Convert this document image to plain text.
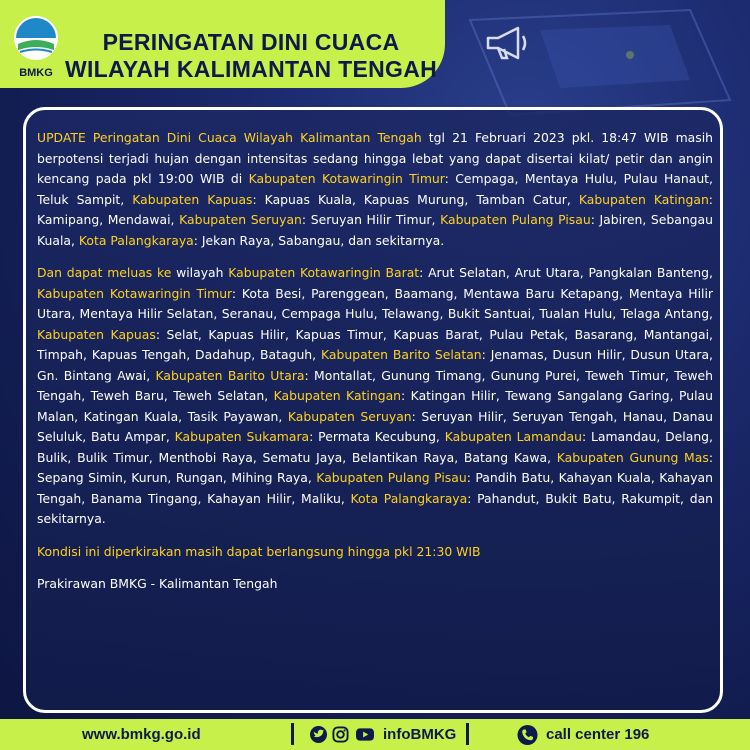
BMKG
PERINGATAN DINI CUACA
WILAYAH KALIMANTAN TENGAH

UPDATE Peringatan Dini Cuaca Wilayah Kalimantan Tengah tgl 21 Februari 2023 pkl. 18:47 WIB masih berpotensi terjadi hujan dengan intensitas sedang hingga lebat yang dapat disertai kilat/ petir dan angin kencang pada pkl 19:00 WIB di Kabupaten Kotawaringin Timur: Cempaga, Mentaya Hulu, Pulau Hanaut, Teluk Sampit, Kabupaten Kapuas: Kapuas Kuala, Kapuas Murung, Tamban Catur, Kabupaten Katingan: Kamipang, Mendawai, Kabupaten Seruyan: Seruyan Hilir Timur, Kabupaten Pulang Pisau: Jabiren, Sebangau Kuala, Kota Palangkaraya: Jekan Raya, Sabangau, dan sekitarnya.

Dan dapat meluas ke wilayah Kabupaten Kotawaringin Barat: Arut Selatan, Arut Utara, Pangkalan Banteng, Kabupaten Kotawaringin Timur: Kota Besi, Parenggean, Baamang, Mentawa Baru Ketapang, Mentaya Hilir Utara, Mentaya Hilir Selatan, Seranau, Cempaga Hulu, Telawang, Bukit Santuai, Tualan Hulu, Telaga Antang, Kabupaten Kapuas: Selat, Kapuas Hilir, Kapuas Timur, Kapuas Barat, Pulau Petak, Basarang, Mantangai, Timpah, Kapuas Tengah, Dadahup, Bataguh, Kabupaten Barito Selatan: Jenamas, Dusun Hilir, Dusun Utara, Gn. Bintang Awai, Kabupaten Barito Utara: Montallat, Gunung Timang, Gunung Purei, Teweh Timur, Teweh Tengah, Teweh Baru, Teweh Selatan, Kabupaten Katingan: Katingan Hilir, Tewang Sangalang Garing, Pulau Malan, Katingan Kuala, Tasik Payawan, Kabupaten Seruyan: Seruyan Hilir, Seruyan Tengah, Hanau, Danau Seluluk, Batu Ampar, Kabupaten Sukamara: Permata Kecubung, Kabupaten Lamandau: Lamandau, Delang, Bulik, Bulik Timur, Menthobi Raya, Sematu Jaya, Belantikan Raya, Batang Kawa, Kabupaten Gunung Mas: Sepang Simin, Kurun, Rungan, Mihing Raya, Kabupaten Pulang Pisau: Pandih Batu, Kahayan Kuala, Kahayan Tengah, Banama Tingang, Kahayan Hilir, Maliku, Kota Palangkaraya: Pahandut, Bukit Batu, Rakumpit, dan sekitarnya.

Kondisi ini diperkirakan masih dapat berlangsung hingga pkl 21:30 WIB

Prakirawan BMKG - Kalimantan Tengah

www.bmkg.go.id	infoBMKG	call center 196
